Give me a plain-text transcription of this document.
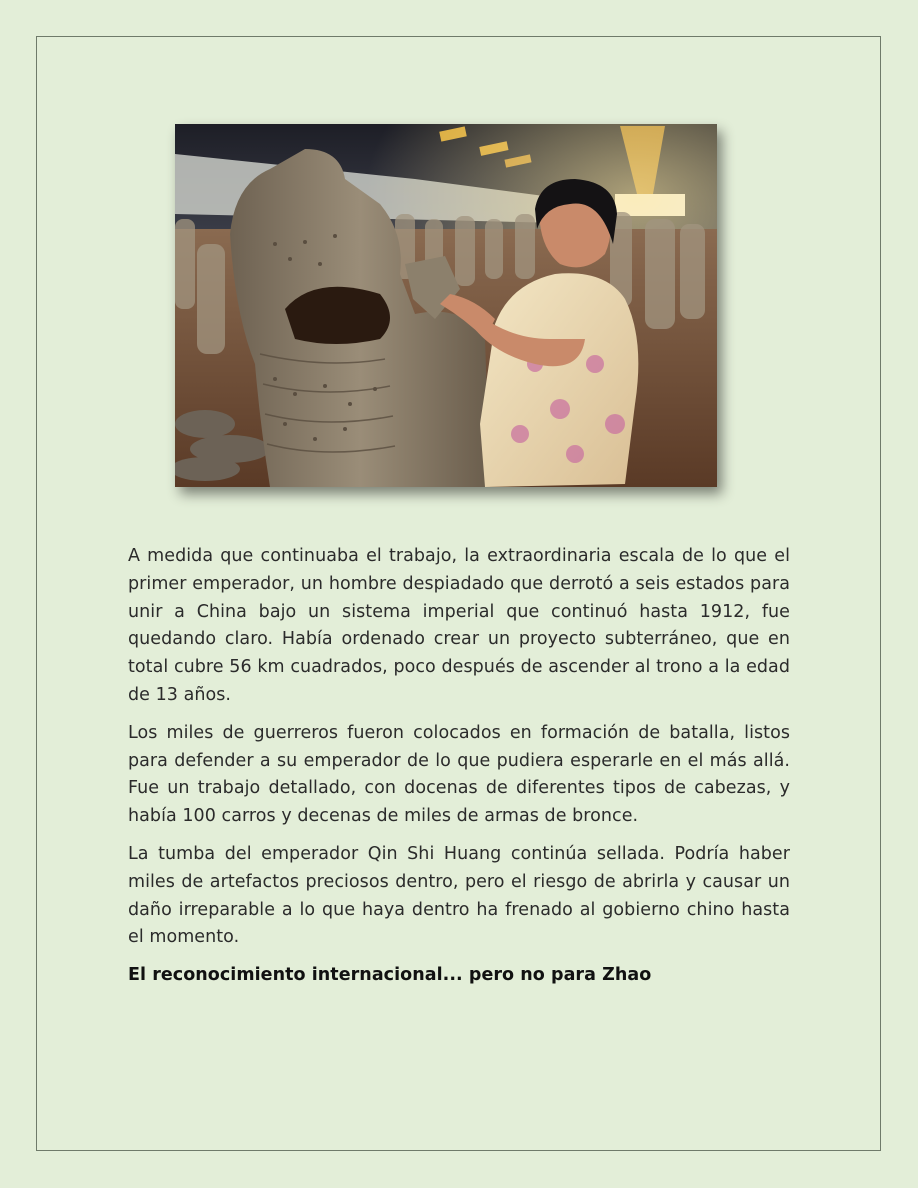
A medida que continuaba el trabajo, la extraordinaria escala de lo que el primer emperador, un hombre despiadado que derrotó a seis estados para unir a China bajo un sistema imperial que continuó hasta 1912, fue quedando claro. Había ordenado crear un proyecto subterráneo, que en total cubre 56 km cuadrados, poco después de ascender al trono a la edad de 13 años.

Los miles de guerreros fueron colocados en formación de batalla, listos para defender a su emperador de lo que pudiera esperarle en el más allá. Fue un trabajo detallado, con docenas de diferentes tipos de cabezas, y había 100 carros y decenas de miles de armas de bronce.

La tumba del emperador Qin Shi Huang continúa sellada. Podría haber miles de artefactos preciosos dentro, pero el riesgo de abrirla y causar un daño irreparable a lo que haya dentro ha frenado al gobierno chino hasta el momento.

El reconocimiento internacional... pero no para Zhao
